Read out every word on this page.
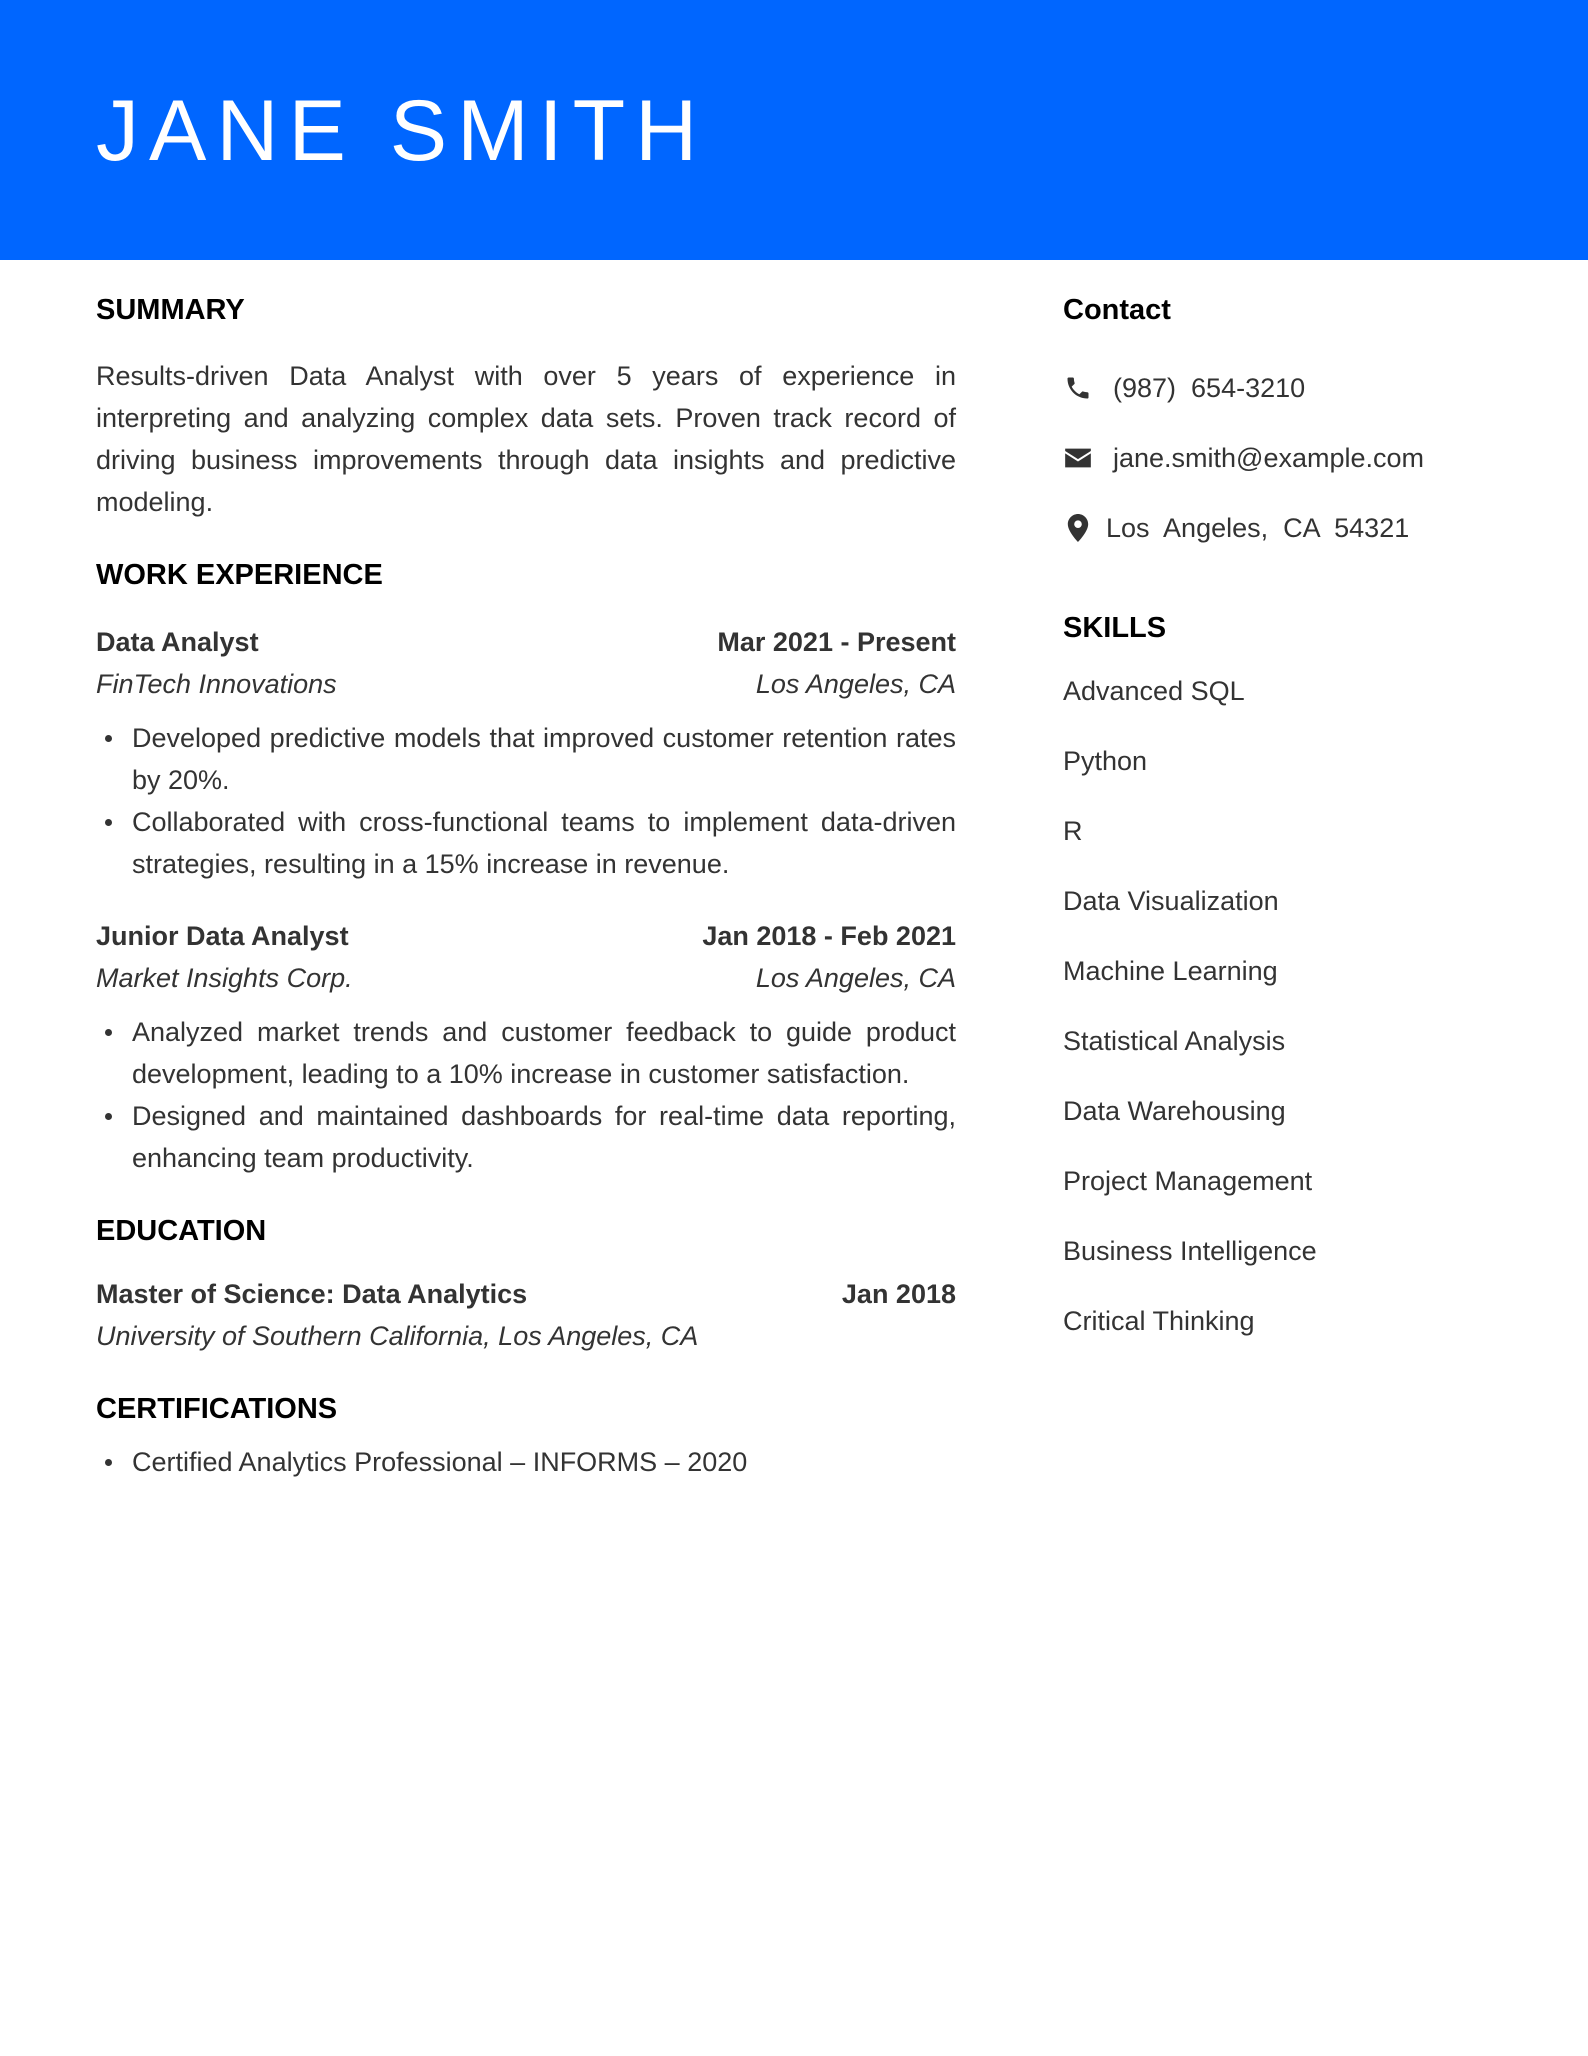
JANE SMITH
SUMMARY

Results-driven Data Analyst with over 5 years of experience in interpreting and analyzing complex data sets. Proven track record of driving business improvements through data insights and predictive modeling.

WORK EXPERIENCE
Data Analyst	Mar 2021 - Present
FinTech Innovations	Los Angeles, CA
Developed predictive models that improved customer retention rates by 20%.
Collaborated with cross-functional teams to implement data-driven strategies, resulting in a 15% increase in revenue.
Junior Data Analyst	Jan 2018 - Feb 2021
Market Insights Corp.	Los Angeles, CA
Analyzed market trends and customer feedback to guide product development, leading to a 10% increase in customer satisfaction.
Designed and maintained dashboards for real-time data reporting, enhancing team productivity.
EDUCATION
Master of Science: Data Analytics	Jan 2018
University of Southern California, Los Angeles, CA
CERTIFICATIONS
Certified Analytics Professional – INFORMS – 2020
Contact
(987)  654-3210
jane.smith@example.com
Los  Angeles,  CA  54321
SKILLS
Advanced SQL
Python
R
Data Visualization
Machine Learning
Statistical Analysis
Data Warehousing
Project Management
Business Intelligence
Critical Thinking
